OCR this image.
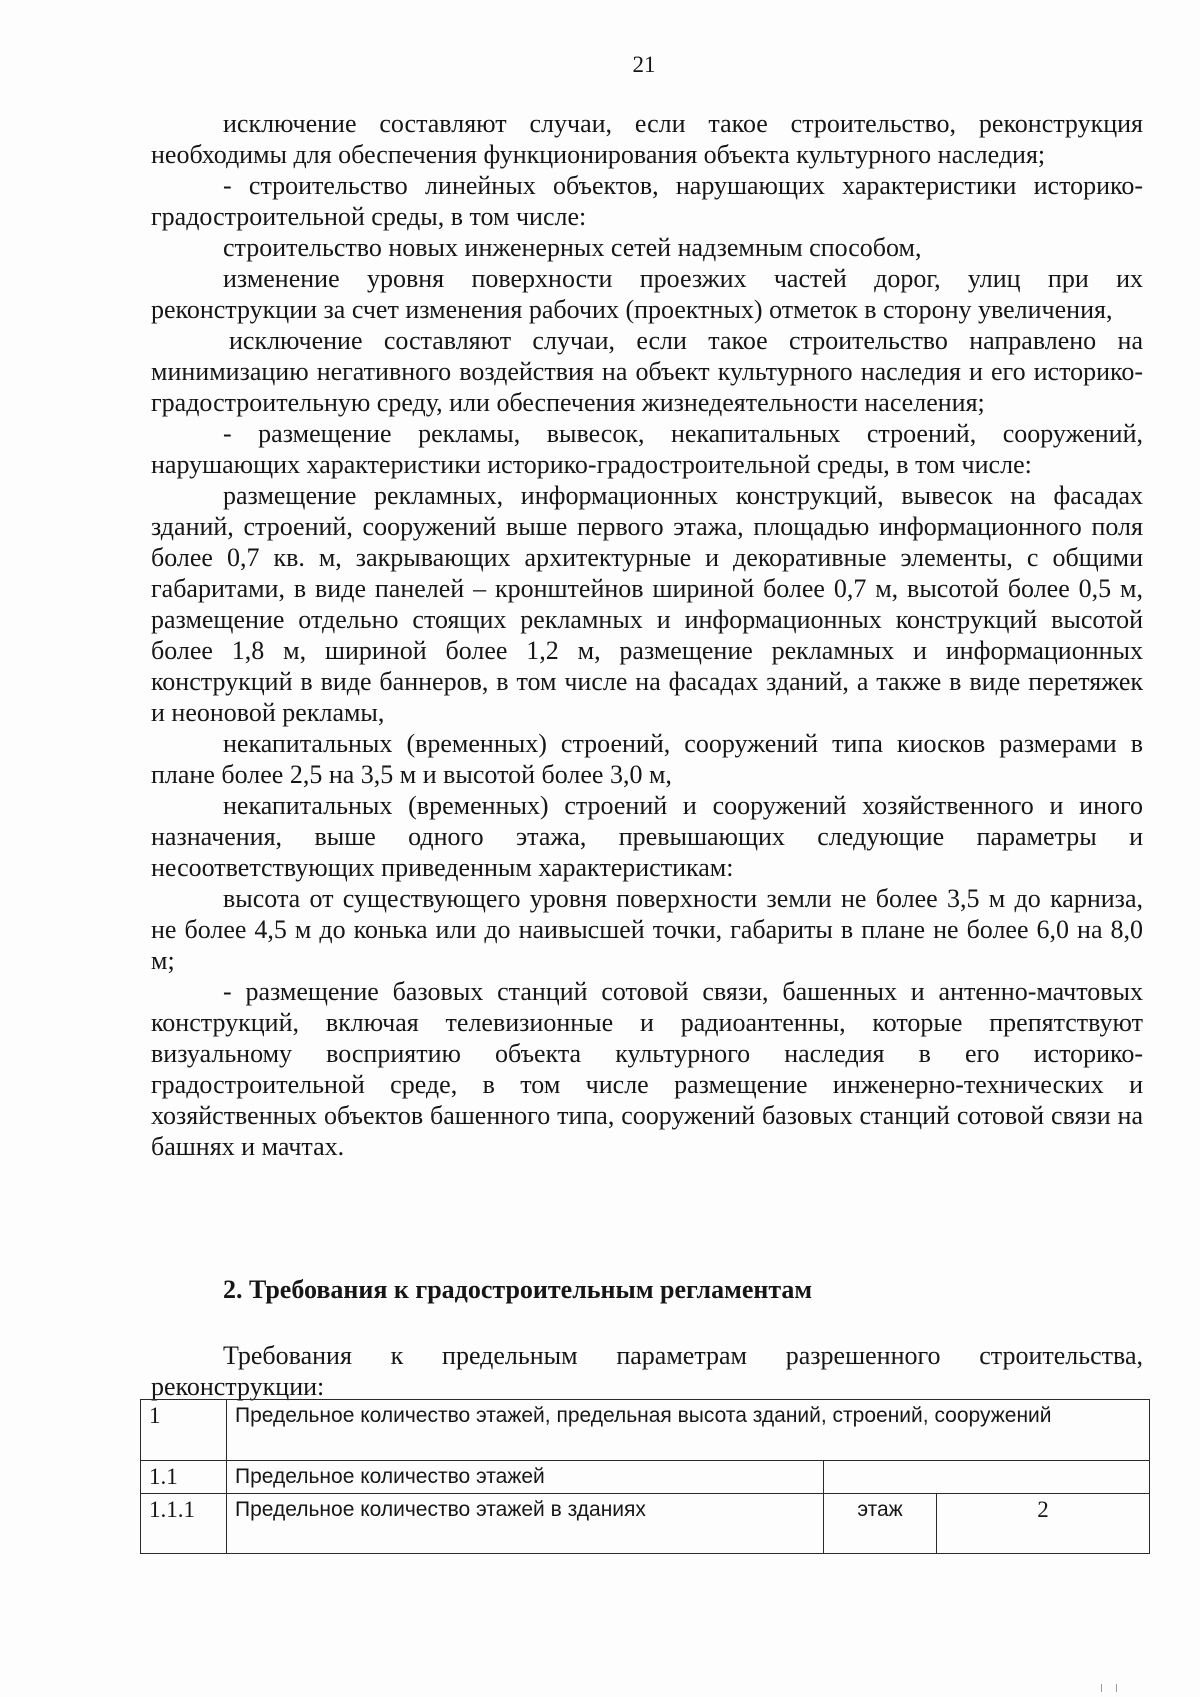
21

исключение составляют случаи, если такое строительство, реконструкция необходимы для обеспечения функционирования объекта культурного наследия;

- строительство линейных объектов, нарушающих характеристики историко-градостроительной среды, в том числе:

строительство новых инженерных сетей надземным способом,

изменение уровня поверхности проезжих частей дорог, улиц при их реконструкции за счет изменения рабочих (проектных) отметок в сторону увеличения,

исключение составляют случаи, если такое строительство направлено на минимизацию негативного воздействия на объект культурного наследия и его историко-градостроительную среду, или обеспечения жизнедеятельности населения;

- размещение рекламы, вывесок, некапитальных строений, сооружений, нарушающих характеристики историко-градостроительной среды, в том числе:

размещение рекламных, информационных конструкций, вывесок на фасадах зданий, строений, сооружений выше первого этажа, площадью информационного поля более 0,7 кв. м, закрывающих архитектурные и декоративные элементы, с общими габаритами, в виде панелей – кронштейнов шириной более 0,7 м, высотой более 0,5 м, размещение отдельно стоящих рекламных и информационных конструкций высотой более 1,8 м, шириной более 1,2 м, размещение рекламных и информационных конструкций в виде баннеров, в том числе на фасадах зданий, а также в виде перетяжек и неоновой рекламы,

некапитальных (временных) строений, сооружений типа киосков размерами в плане более 2,5 на 3,5 м и высотой более 3,0 м,

некапитальных (временных) строений и сооружений хозяйственного и иного назначения, выше одного этажа, превышающих следующие параметры и несоответствующих приведенным характеристикам:

высота от существующего уровня поверхности земли не более 3,5 м до карниза, не более 4,5 м до конька или до наивысшей точки, габариты в плане не более 6,0 на 8,0 м;

- размещение базовых станций сотовой связи, башенных и антенно-мачтовых конструкций, включая телевизионные и радиоантенны, которые препятствуют визуальному восприятию объекта культурного наследия в его историко-градостроительной среде, в том числе размещение инженерно-технических и хозяйственных объектов башенного типа, сооружений базовых станций сотовой связи на башнях и мачтах.

2. Требования к градостроительным регламентам

Требования к предельным параметрам разрешенного строительства, реконструкции:

1	Предельное количество этажей, предельная высота зданий, строений, сооружений		
1.1	Предельное количество этажей		
1.1.1	Предельное количество этажей в зданиях	этаж	2
